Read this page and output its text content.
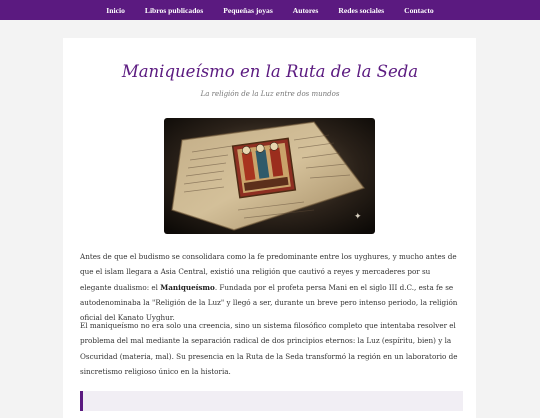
Inicio	Libros publicados	Pequeñas joyas	Autores	Redes sociales	Contacto
Maniqueísmo en la Ruta de la Seda
La religión de la Luz entre dos mundos
✦

Antes de que el budismo se consolidara como la fe predominante entre los uyghures, y mucho antes de que el islam llegara a Asia Central, existió una religión que cautivó a reyes y mercaderes por su elegante dualismo: el Maniqueísmo. Fundada por el profeta persa Mani en el siglo III d.C., esta fe se autodenominaba la "Religión de la Luz" y llegó a ser, durante un breve pero intenso periodo, la religión oficial del Kanato Uyghur.

El maniqueísmo no era solo una creencia, sino un sistema filosófico completo que intentaba resolver el problema del mal mediante la separación radical de dos principios eternos: la Luz (espíritu, bien) y la Oscuridad (materia, mal). Su presencia en la Ruta de la Seda transformó la región en un laboratorio de sincretismo religioso único en la historia.
